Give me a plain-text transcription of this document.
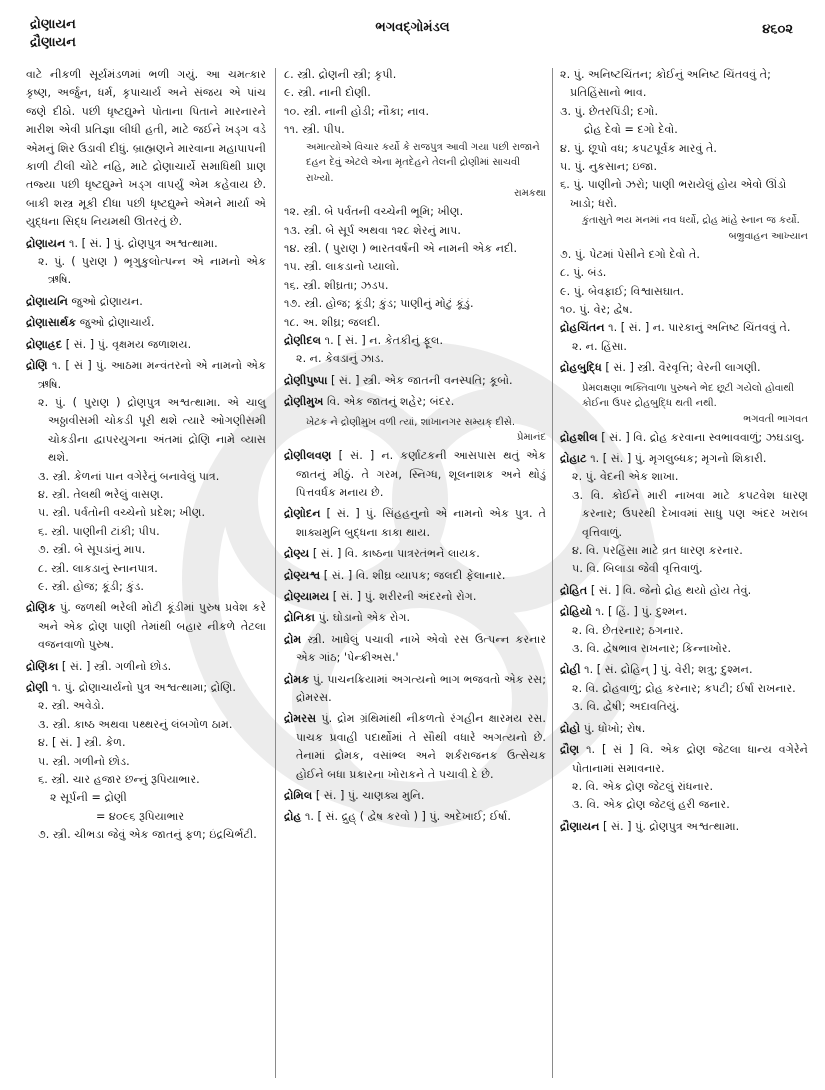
દ્રોણાયન
દ્રૌણાયન
ભગવદ્ગોમંડલ	૪૬૦૨

વાટે નીકળી સૂર્યમંડળમાં ભળી ગયું. આ ચમત્કાર કૃષ્ણ, અર્જુન, ધર્મ, કૃપાચાર્ય અને સંજય એ પાંચ જણે દીઠો. પછી ધૃષ્ટદ્યુમ્ને પોતાના પિતાને મારનારને મારીશ એવી પ્રતિજ્ઞા લીધી હતી, માટે જઈને ખડ્ગ વડે એમનું શિર ઉડાવી દીધું. બ્રાહ્મણને મારવાના મહાપાપની કાળી ટીલી ચોટે નહિ, માટે દ્રોણાચાર્યે સમાધિથી પ્રાણ તજ્યા પછી ધૃષ્ટદ્યુમ્ને ખડ્ગ વાપર્યું એમ કહેવાય છે. બાકી શસ્ત્ર મૂકી દીધા પછી ધૃષ્ટદ્યુમ્ને એમને માર્યા એ યુદ્ધના સિદ્ધ નિયમથી ઊતરતું છે.

દ્રોણાયન ૧. [ સં. ] પું. દ્રોણપુત્ર અશ્વત્થામા.

૨. પું. ( પુરાણ ) ભૃગુકુલોત્પન્ન એ નામનો એક ઋષિ.

દ્રોણાયનિ જુઓ દ્રોણાયન.
દ્રોણાસાર્થક જુઓ દ્રોણાચાર્ય.
દ્રોણાહ્રદ [ સં. ] પું. વૃક્ષમય જળાશય.
દ્રોણિ ૧. [ સં ] પું. આઠમા મન્વંતરનો એ નામનો એક ઋષિ.

૨. પું. ( પુરાણ ) દ્રોણપુત્ર અશ્વત્થામા. એ ચાલુ અઠ્ઠાવીસમી ચોકડી પૂરી થશે ત્યારે ઓગણીસમી ચોકડીના દ્વાપરયુગના અંતમાં દ્રોણિ નામે વ્યાસ થશે.

૩. સ્ત્રી. કેળનાં પાન વગેરેનું બનાવેલું પાત્ર.

૪. સ્ત્રી. તેલથી ભરેલું વાસણ.

૫. સ્ત્રી. પર્વતોની વચ્ચેનો પ્રદેશ; ખીણ.

૬. સ્ત્રી. પાણીની ટાંકી; પીપ.

૭. સ્ત્રી. બે સૂપડાંનું માપ.

૮. સ્ત્રી. લાકડાનું સ્નાનપાત્ર.

૯. સ્ત્રી. હોજ; કૂંડી; કુંડ.

દ્રોણિક પું. જળથી ભરેલી મોટી કૂંડીમાં પુરુષ પ્રવેશ કરે અને એક દ્રોણ પાણી તેમાંથી બહાર નીકળે તેટલા વજનવાળો પુરુષ.
દ્રોણિકા [ સં. ] સ્ત્રી. ગળીનો છોડ.
દ્રોણી ૧. પું. દ્રોણાચાર્યનો પુત્ર અશ્વત્થામા; દ્રોણિ.

૨. સ્ત્રી. અવેડો.

૩. સ્ત્રી. કાષ્ઠ અથવા પથ્થરનું લંબગોળ ઠામ.

૪. [ સં. ] સ્ત્રી. કેળ.

૫. સ્ત્રી. ગળીનો છોડ.

૬. સ્ત્રી. ચાર હજાર છન્નું રૂપિયાભાર.

૨ સૂર્પની = દ્રોણી

= ૪૦૯૬ રૂપિયાભાર

૭. સ્ત્રી. ચીભડા જેવું એક જાતનું ફળ; ઇંદ્રચિર્ભટી.

૮. સ્ત્રી. દ્રોણની સ્ત્રી; કૃપી.

૯. સ્ત્રી. નાની દોણી.

૧૦. સ્ત્રી. નાની હોડી; નૌકા; નાવ.

૧૧. સ્ત્રી. પીપ.

અમાત્યોએ વિચાર કર્યો કે રાજપુત્ર આવી ગયા પછી રાજાને દહન દેવું એટલે એના મૃતદેહને તેલની દ્રોણીમાં સાચવી રાખ્યો.

રામકથા

૧૨. સ્ત્રી. બે પર્વતની વચ્ચેની ભૂમિ; ખીણ.

૧૩. સ્ત્રી. બે સૂર્પ અથવા ૧૨૮ શેરનું માપ.

૧૪. સ્ત્રી. ( પુરાણ ) ભારતવર્ષની એ નામની એક નદી.

૧૫. સ્ત્રી. લાકડાનો પ્યાલો.

૧૬. સ્ત્રી. શીઘ્રતા; ઝડપ.

૧૭. સ્ત્રી. હોજ; કૂંડી; કુંડ; પાણીનું મોટું કૂંડું.

૧૮. અ. શીઘ્ર; જલદી.

દ્રોણીદલ ૧. [ સં. ] ન. કેતકીનું ફૂલ.

૨. ન. કેવડાનું ઝાડ.

દ્રોણીપુષ્પા [ સં. ] સ્ત્રી. એક જાતની વનસ્પતિ; કૂબો.
દ્રોણીમુખ વિ. એક જાતનું શહેર; બંદર.

ખેટક ને દ્રોણીમુખ વળી ત્યાં, શાખાનગર સમ્યક્ દીસે.

પ્રેમાનંદ

દ્રોણીલવણ [ સં. ] ન. કર્ણાટકની આસપાસ થતું એક જાતનું મીઠું. તે ગરમ, સ્નિગ્ધ, શૂલનાશક અને થોડું પિત્તવર્ધક મનાય છે.
દ્રોણોદન [ સં. ] પું. સિંહહનુનો એ નામનો એક પુત્ર. તે શાક્યમુનિ બુદ્ધના કાકા થાય.
દ્રોણ્ય [ સં. ] વિ. કાષ્ઠના પાત્રરતંભને લાયક.
દ્રોણ્યશ્વ [ સં. ] વિ. શીઘ્ર વ્યાપક; જલદી ફેલાનાર.
દ્રોણ્યામય [ સં. ] પું. શરીરની અંદરનો રોગ.
દ્રોનિકા પું. ઘોડાનો એક રોગ.
દ્રોમ સ્ત્રી. ખાધેલું પચાવી નાખે એવો રસ ઉત્પન્ન કરનાર એક ગાંઠ; 'પેન્ક્રીઅસ.'
દ્રોમક પું. પાચનક્રિયામાં અગત્યનો ભાગ ભજવતો એક રસ; દ્રોમરસ.
દ્રોમરસ પું. દ્રોમ ગ્રંથિમાંથી નીકળતો રંગહીન ક્ષારમય રસ. પાચક પ્રવાહી પદાર્થોમાં તે સૌથી વધારે અગત્યનો છે. તેનામાં દ્રોમક, વસાંભ્લ અને શર્કરાજનક ઉત્સેચક હોઈને બધા પ્રકારના ખોરાકને તે પચાવી દે છે.
દ્રોમિલ [ સં. ] પું. ચાણક્ય મુનિ.
દ્રોહ ૧. [ સં. દ્રુહ્ ( દ્વેષ કરવો ) ] પું. અદેખાઈ; ઈર્ષા.

૨. પું. અનિષ્ટચિંતન; કોઈનું અનિષ્ટ ચિંતવવું તે; પ્રતિહિંસાનો ભાવ.

૩. પું. છેતરપિંડી; દગો.

દ્રોહ દેવો = દગો દેવો.

૪. પું. છૂપો વધ; કપટપૂર્વક મારવું તે.

૫. પું. નુકસાન; ઇજા.

૬. પું. પાણીનો ઝરો; પાણી ભરાયેલું હોય એવો ઊંડો ખાડો; ધરો.

કુંતાસુતે ભય મનમાં નવ ધર્યો, દ્રોહ માંહે સ્નાન જ કર્યો.

બભ્રુવાહન આખ્યાન

૭. પું. પેટમાં પેસીને દગો દેવો તે.

૮. પું. બંડ.

૯. પું. બેવફાઈ; વિશ્વાસઘાત.

૧૦. પું. વેર; દ્વેષ.

દ્રોહચિંતન ૧. [ સં. ] ન. પારકાનું અનિષ્ટ ચિંતવવું તે.

૨. ન. હિંસા.

દ્રોહબુદ્ધિ [ સં. ] સ્ત્રી. વૈરવૃત્તિ; વેરની લાગણી.

પ્રેમલક્ષણા ભક્તિવાળા પુરુષને ભેદ છૂટી ગયેલો હોવાથી કોઈના ઉપર દ્રોહબુદ્ધિ થતી નથી.

ભગવતી ભાગવત

દ્રોહશીલ [ સં. ] વિ. દ્રોહ કરવાના સ્વભાવવાળું; ઝઘડાલુ.
દ્રોહાટ ૧. [ સં. ] પું. મૃગલુબ્ધક; મૃગનો શિકારી.

૨. પું. વેદની એક શાખા.

૩. વિ. કોઈને મારી નાખવા માટે કપટવેશ ધારણ કરનાર; ઉપરથી દેખાવમાં સાધુ પણ અંદર ખરાબ વૃત્તિવાળું.

૪. વિ. પરહિંસા માટે વ્રત ધારણ કરનાર.

૫. વિ. બિલાડા જેવી વૃત્તિવાળું.

દ્રોહિત [ સં. ] વિ. જેનો દ્રોહ થયો હોય તેવું.
દ્રોહિયો ૧. [ હિં. ] પું. દુશ્મન.

૨. વિ. છેતરનાર; ઠગનાર.

૩. વિ. દ્વેષભાવ રાખનાર; કિન્નાખોર.

દ્રોહી ૧. [ સં. દ્રોહિન્ ] પું. વેરી; શત્રુ; દુશ્મન.

૨. વિ. દ્રોહવાળું; દ્રોહ કરનાર; કપટી; ઈર્ષા રાખનાર.

૩. વિ. દ્વેષી; અદાવતિયું.

દ્રોહો પું. ધોખો; રોષ.
દ્રૌણ ૧. [ સં ] વિ. એક દ્રોણ જેટલા ધાન્ય વગેરેને પોતાનામાં સમાવનાર.

૨. વિ. એક દ્રોણ જેટલું રાંધનાર.

૩. વિ. એક દ્રોણ જેટલું હરી જનાર.

દ્રૌણાયન [ સં. ] પું. દ્રોણપુત્ર અશ્વત્થામા.
